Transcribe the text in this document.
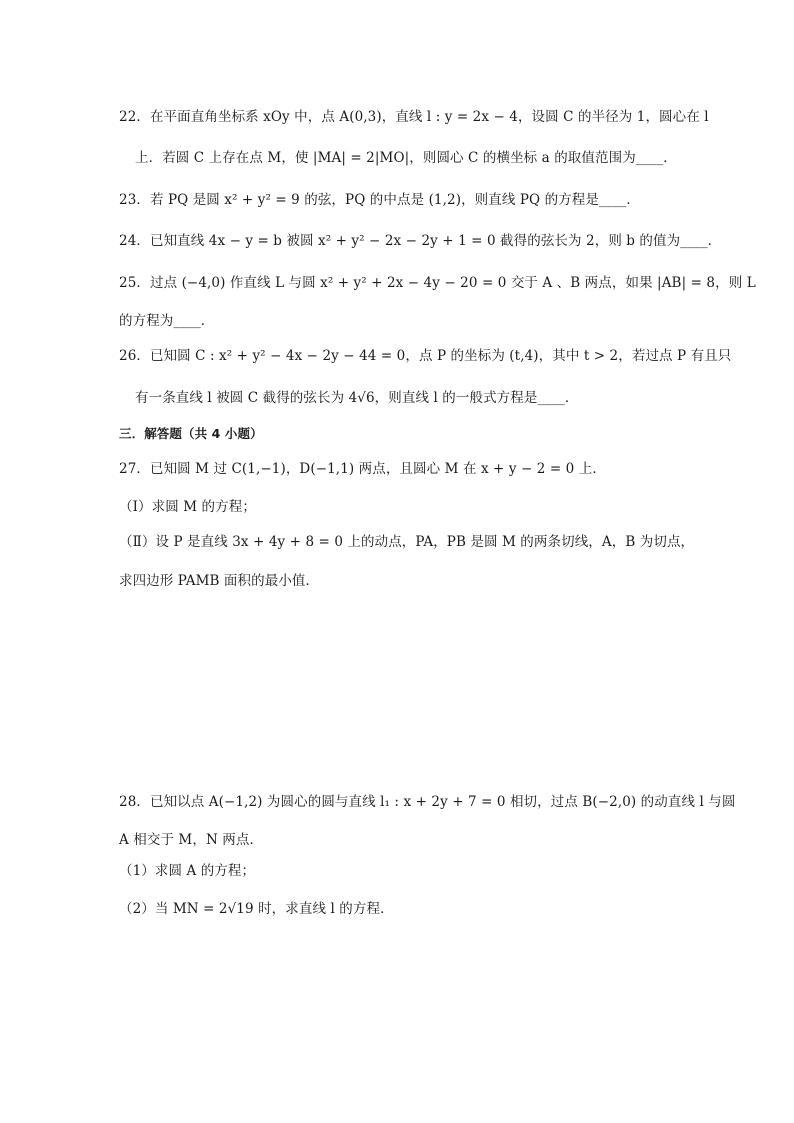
22．在平面直角坐标系 xOy 中，点 A(0,3)，直线 l : y = 2x − 4，设圆 C 的半径为 1，圆心在 l
上．若圆 C 上存在点 M，使 |MA| = 2|MO|，则圆心 C 的横坐标 a 的取值范围为____．
23．若 PQ 是圆 x² + y² = 9 的弦，PQ 的中点是 (1,2)，则直线 PQ 的方程是____．
24．已知直线 4x − y = b 被圆 x² + y² − 2x − 2y + 1 = 0 截得的弦长为 2，则 b 的值为____．
25．过点 (−4,0) 作直线 L 与圆 x² + y² + 2x − 4y − 20 = 0 交于 A 、B 两点，如果 |AB| = 8，则 L
的方程为____．
26．已知圆 C : x² + y² − 4x − 2y − 44 = 0，点 P 的坐标为 (t,4)，其中 t > 2，若过点 P 有且只
有一条直线 l 被圆 C 截得的弦长为 4√6，则直线 l 的一般式方程是____．
三．解答题（共 4 小题）
27．已知圆 M 过 C(1,−1)，D(−1,1) 两点，且圆心 M 在 x + y − 2 = 0 上．
（Ⅰ）求圆 M 的方程；
（Ⅱ）设 P 是直线 3x + 4y + 8 = 0 上的动点，PA，PB 是圆 M 的两条切线，A，B 为切点，
求四边形 PAMB 面积的最小值．
28．已知以点 A(−1,2) 为圆心的圆与直线 l₁ : x + 2y + 7 = 0 相切，过点 B(−2,0) 的动直线 l 与圆
A 相交于 M，N 两点．
（1）求圆 A 的方程；
（2）当 MN = 2√19 时，求直线 l 的方程．
